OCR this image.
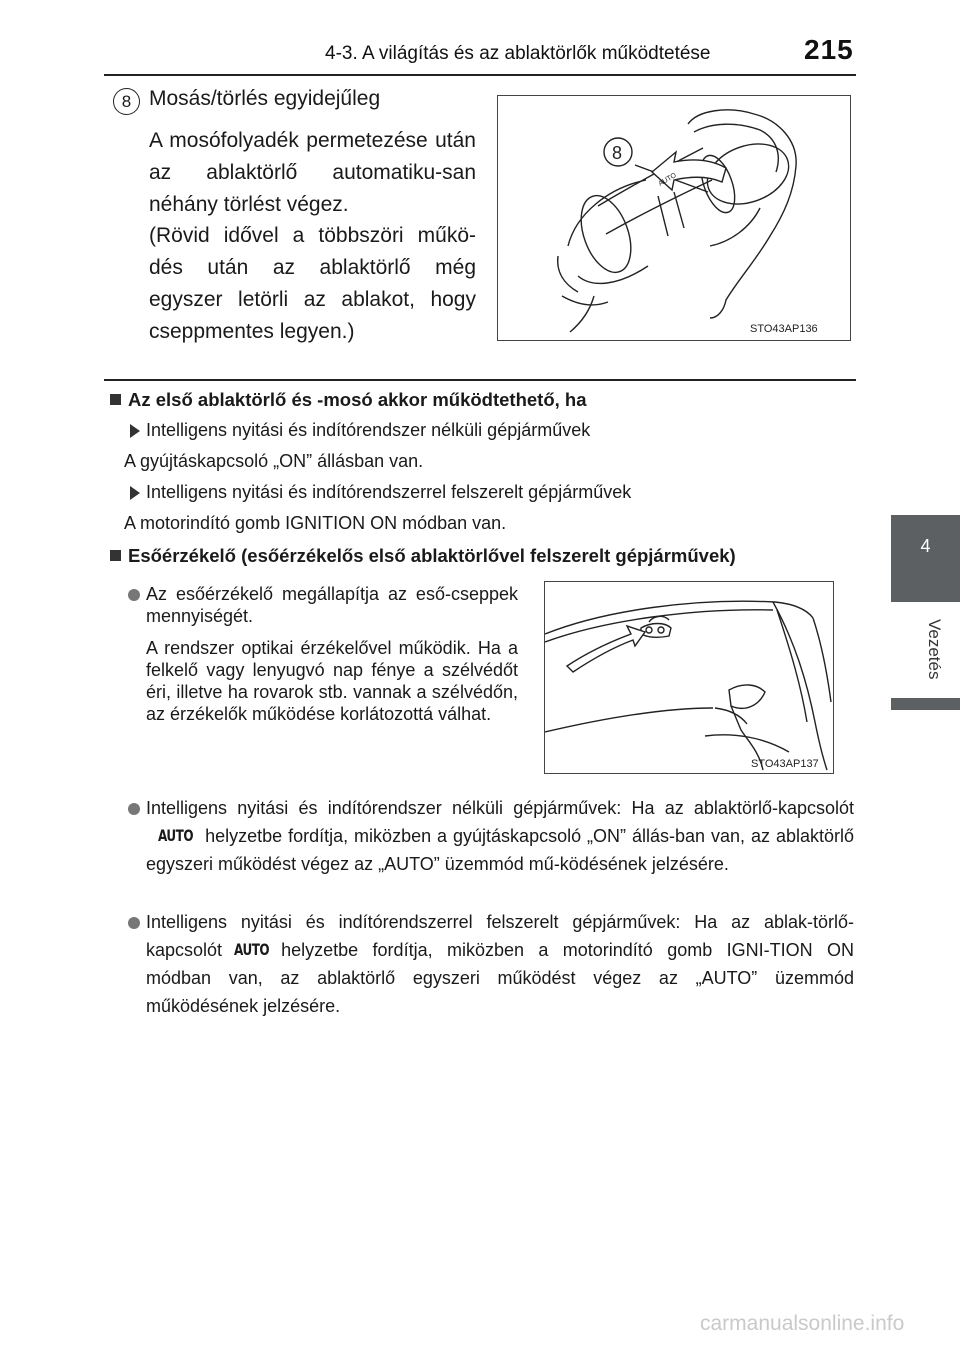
4-3. A világítás és az ablaktörlők működtetése	215
4
Vezetés
8 Mosás/törlés egyidejűleg
A mosófolyadék permetezése után az ablaktörlő automatiku-san néhány törlést végez.
(Rövid idővel a többszöri műkö-dés után az ablaktörlő még egyszer letörli az ablakot, hogy cseppmentes legyen.)
AUTO
8
STO43AP136
Az első ablaktörlő és -mosó akkor működtethető, ha
Intelligens nyitási és indítórendszer nélküli gépjárművek
A gyújtáskapcsoló „ON” állásban van.
Intelligens nyitási és indítórendszerrel felszerelt gépjárművek
A motorindító gomb IGNITION ON módban van.
Esőérzékelő (esőérzékelős első ablaktörlővel felszerelt gépjárművek)
Az esőérzékelő megállapítja az eső-cseppek mennyiségét.
A rendszer optikai érzékelővel működik. Ha a felkelő vagy lenyugvó nap fénye a szélvédőt éri, illetve ha rovarok stb. vannak a szélvédőn, az érzékelők működése korlátozottá válhat.
STO43AP137
Intelligens nyitási és indítórendszer nélküli gépjárművek: Ha az ablaktörlő-kapcsolótAUTO helyzetbe fordítja, miközben a gyújtáskapcsoló „ON” állás-ban van, az ablaktörlő egyszeri működést végez az „AUTO” üzemmód mű-ködésének jelzésére.
Intelligens nyitási és indítórendszerrel felszerelt gépjárművek: Ha az ablak-törlő-kapcsolót AUTO helyzetbe fordítja, miközben a motorindító gomb IGNI-TION ON módban van, az ablaktörlő egyszeri működést végez az „AUTO” üzemmód működésének jelzésére.
carmanualsonline.info
